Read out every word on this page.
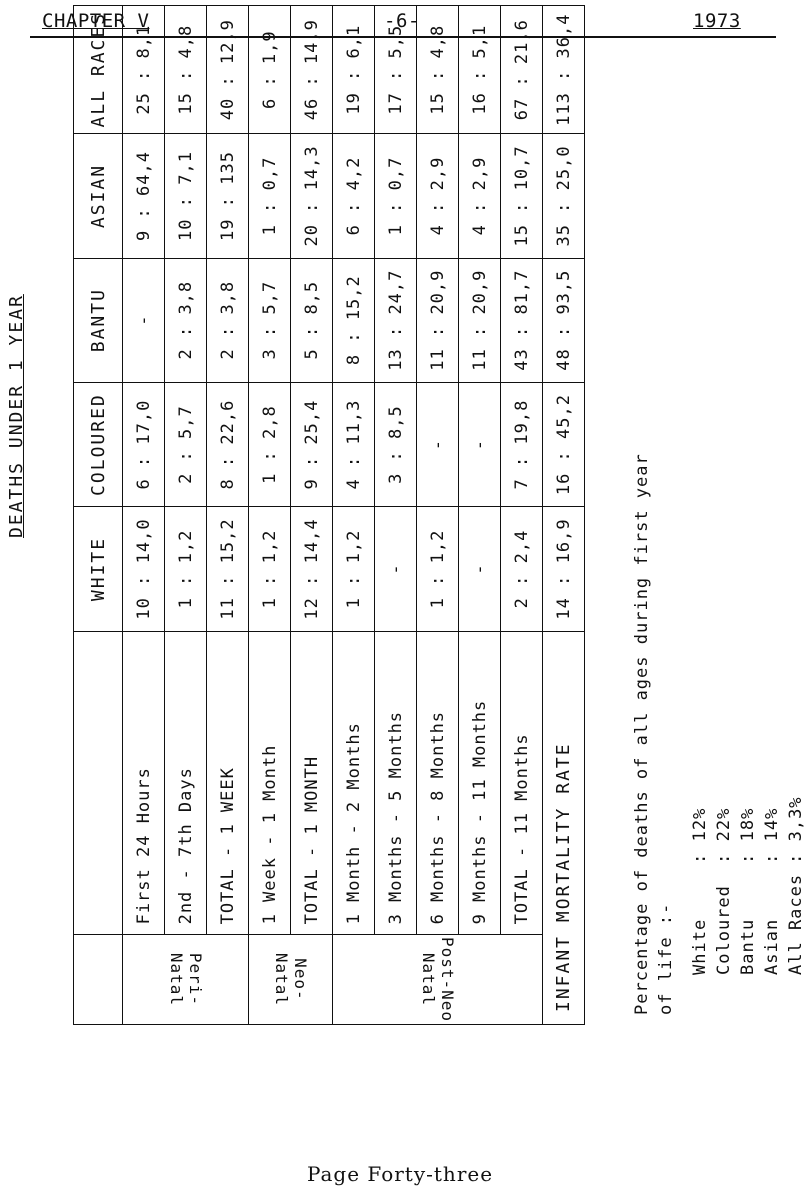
CHAPTER V	-6-	1973
DEATHS UNDER 1 YEAR
		WHITE	COLOURED	BANTU	ASIAN	ALL RACES

Peri-
Natal	First 24 Hours	10 : 14,0	6 : 17,0	-	9 : 64,4	25 : 8,1
	2nd - 7th Days	1 : 1,2	2 : 5,7	2 : 3,8	10 : 7,1	15 : 4,8
	TOTAL - 1 WEEK	11 : 15,2	8 : 22,6	2 : 3,8	19 : 135	40 : 12,9

Neo-
Natal	1 Week - 1 Month	1 : 1,2	1 : 2,8	3 : 5,7	1 : 0,7	6 : 1,9
	TOTAL - 1 MONTH	12 : 14,4	9 : 25,4	5 : 8,5	20 : 14,3	46 : 14,9

Post-Neo
Natal	1 Month - 2 Months	1 : 1,2	4 : 11,3	8 : 15,2	6 : 4,2	19 : 6,1
	3 Months - 5 Months	-	3 : 8,5	13 : 24,7	1 : 0,7	17 : 5,5
	6 Months - 8 Months	1 : 1,2	-	11 : 20,9	4 : 2,9	15 : 4,8
	9 Months - 11 Months	-	-	11 : 20,9	4 : 2,9	16 : 5,1
	TOTAL - 11 Months	2 : 2,4	7 : 19,8	43 : 81,7	15 : 10,7	67 : 21,6
INFANT MORTALITY RATE		14 : 16,9	16 : 45,2	48 : 93,5	35 : 25,0	113 : 36,4
Percentage of deaths of all ages during first year of life :- White	: 12%
Coloured	: 22%
Bantu	: 18%
Asian	: 14%
All Races	: 3,3%
Page Forty-three
